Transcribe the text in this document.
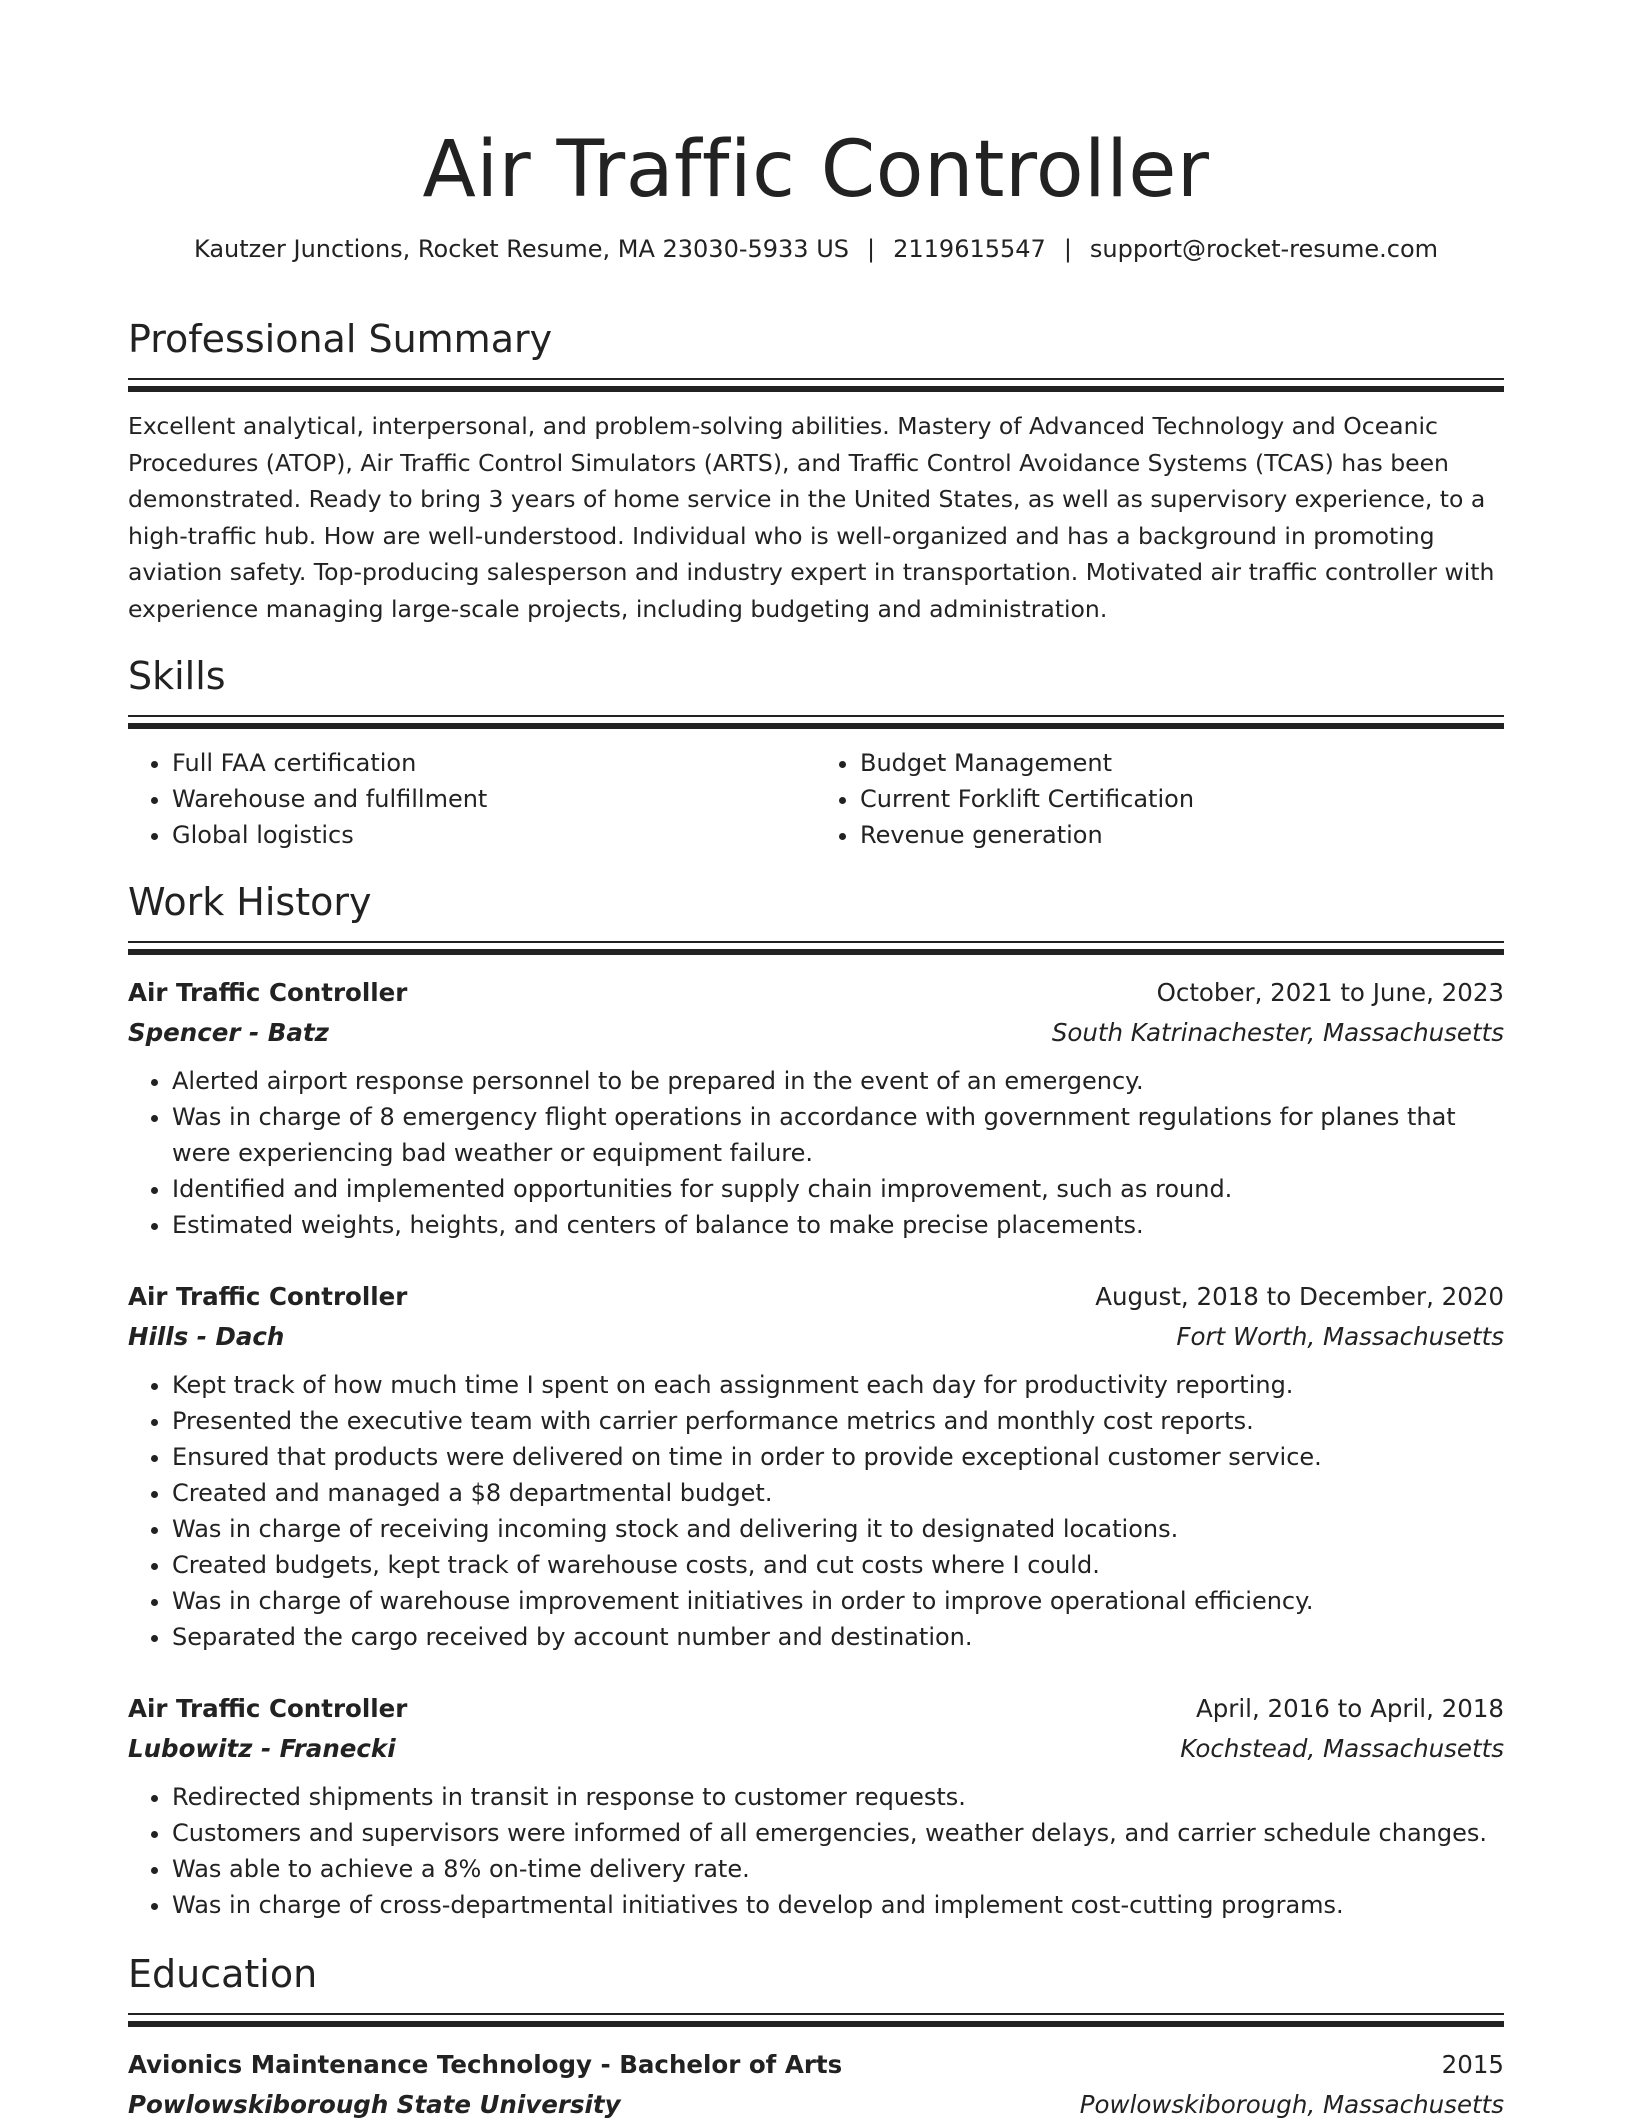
Air Traffic Controller
Kautzer Junctions, Rocket Resume, MA 23030-5933 US | 2119615547 | support@rocket-resume.com
Professional Summary
Excellent analytical, interpersonal, and problem-solving abilities. Mastery of Advanced Technology and Oceanic Procedures (ATOP), Air Traffic Control Simulators (ARTS), and Traffic Control Avoidance Systems (TCAS) has been demonstrated. Ready to bring 3 years of home service in the United States, as well as supervisory experience, to a high-traffic hub. How are well-understood. Individual who is well-organized and has a background in promoting aviation safety. Top-producing salesperson and industry expert in transportation. Motivated air traffic controller with experience managing large-scale projects, including budgeting and administration.
Skills
• Full FAA certification
• Warehouse and fulfillment
• Global logistics
• Budget Management
• Current Forklift Certification
• Revenue generation
Work History
Air Traffic Controller	October, 2021 to June, 2023
Spencer - Batz	South Katrinachester, Massachusetts
• Alerted airport response personnel to be prepared in the event of an emergency.
• Was in charge of 8 emergency flight operations in accordance with government regulations for planes that were experiencing bad weather or equipment failure.
• Identified and implemented opportunities for supply chain improvement, such as round.
• Estimated weights, heights, and centers of balance to make precise placements.
Air Traffic Controller	August, 2018 to December, 2020
Hills - Dach	Fort Worth, Massachusetts
• Kept track of how much time I spent on each assignment each day for productivity reporting.
• Presented the executive team with carrier performance metrics and monthly cost reports.
• Ensured that products were delivered on time in order to provide exceptional customer service.
• Created and managed a $8 departmental budget.
• Was in charge of receiving incoming stock and delivering it to designated locations.
• Created budgets, kept track of warehouse costs, and cut costs where I could.
• Was in charge of warehouse improvement initiatives in order to improve operational efficiency.
• Separated the cargo received by account number and destination.
Air Traffic Controller	April, 2016 to April, 2018
Lubowitz - Franecki	Kochstead, Massachusetts
• Redirected shipments in transit in response to customer requests.
• Customers and supervisors were informed of all emergencies, weather delays, and carrier schedule changes.
• Was able to achieve a 8% on-time delivery rate.
• Was in charge of cross-departmental initiatives to develop and implement cost-cutting programs.
Education
Avionics Maintenance Technology - Bachelor of Arts	2015
Powlowskiborough State University	Powlowskiborough, Massachusetts
